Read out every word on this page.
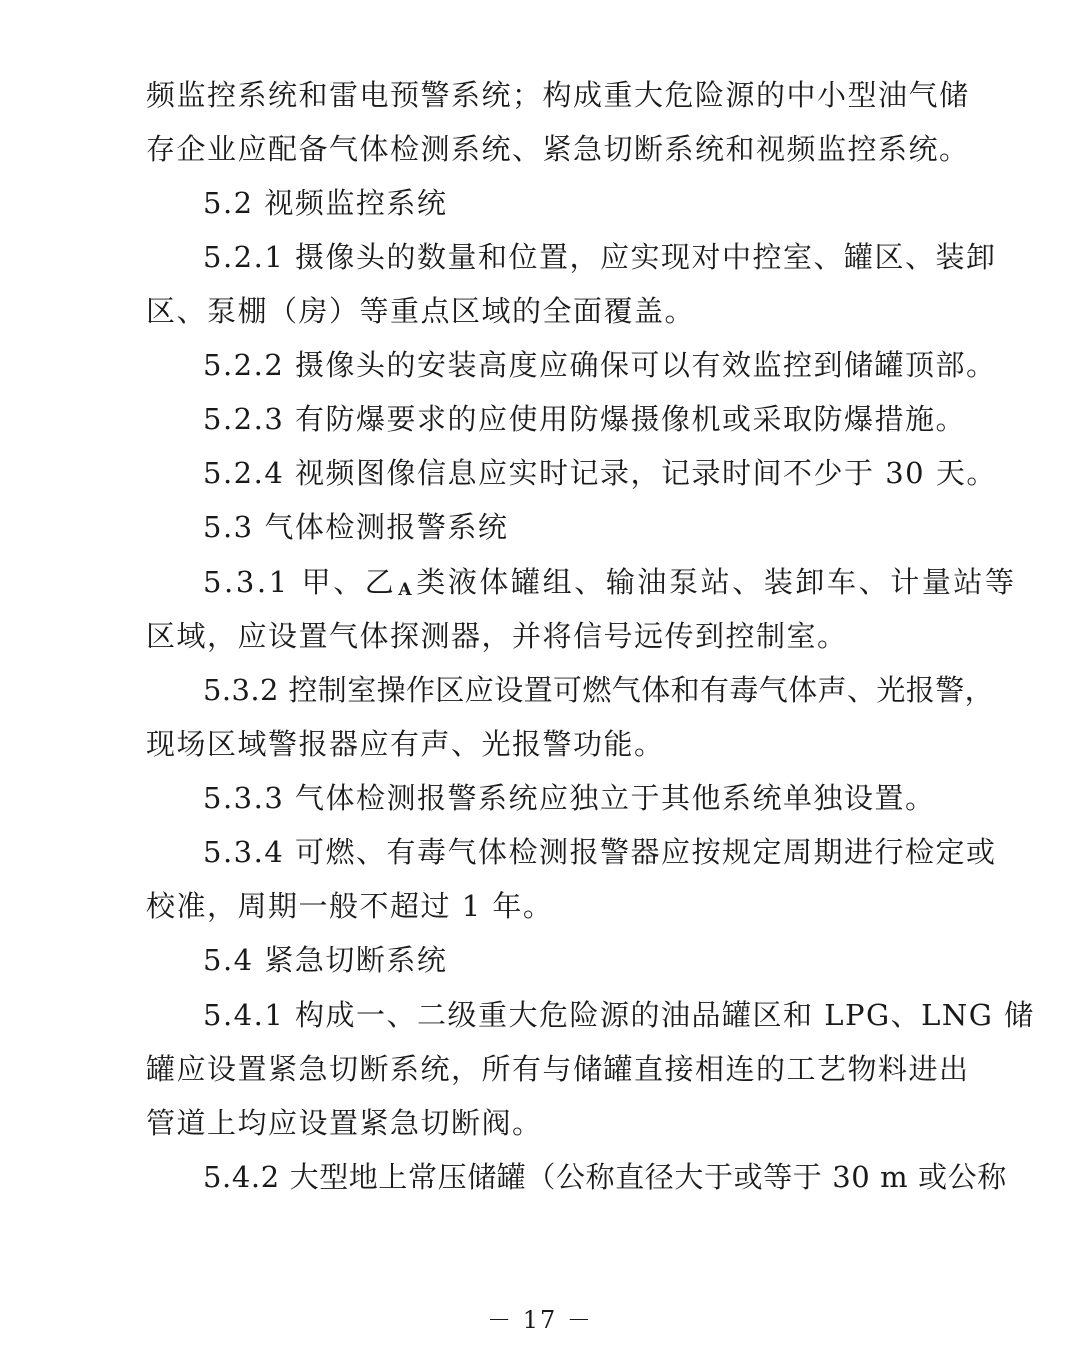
频监控系统和雷电预警系统；构成重大危险源的中小型油气储
存企业应配备气体检测系统、紧急切断系统和视频监控系统。
5.2 视频监控系统
5.2.1 摄像头的数量和位置，应实现对中控室、罐区、装卸
区、泵棚（房）等重点区域的全面覆盖。
5.2.2 摄像头的安装高度应确保可以有效监控到储罐顶部。
5.2.3 有防爆要求的应使用防爆摄像机或采取防爆措施。
5.2.4 视频图像信息应实时记录，记录时间不少于 30 天。
5.3 气体检测报警系统
5.3.1 甲、乙 A类液体罐组、输油泵站、装卸车、计量站等
区域，应设置气体探测器，并将信号远传到控制室。
5.3.2 控制室操作区应设置可燃气体和有毒气体声、光报警，
现场区域警报器应有声、光报警功能。
5.3.3 气体检测报警系统应独立于其他系统单独设置。
5.3.4 可燃、有毒气体检测报警器应按规定周期进行检定或
校准，周期一般不超过 1 年。
5.4 紧急切断系统
5.4.1 构成一、二级重大危险源的油品罐区和 LPG、LNG 储
罐应设置紧急切断系统，所有与储罐直接相连的工艺物料进出
管道上均应设置紧急切断阀。
5.4.2 大型地上常压储罐（公称直径大于或等于 30 m 或公称
－ 17 －
